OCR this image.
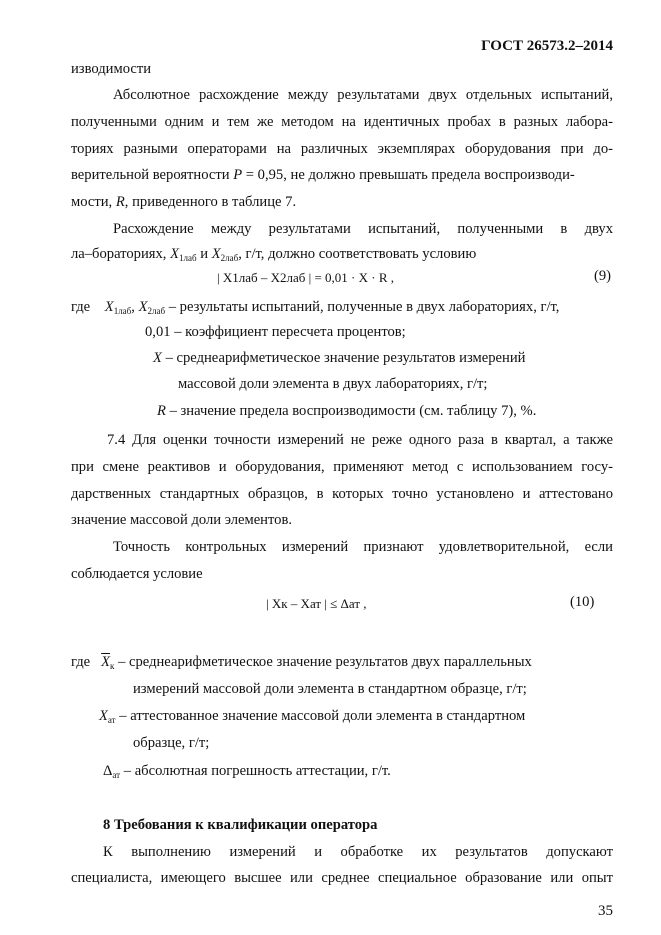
ГОСТ 26573.2–2014
изводимости
Абсолютное расхождение между результатами двух отдельных испытаний,
полученными одним и тем же методом на идентичных пробах в разных лабора-
ториях разными операторами на различных экземплярах оборудования при до-
верительной вероятности P = 0,95, не должно превышать предела воспроизводи-
мости, R, приведенного в таблице 7.
Расхождение между результатами испытаний, полученными в двух
ла–бораториях, $X_{1лаб}$ и $X_{2лаб}$, г/т, должно соответствовать условию
| X1лаб – X2лаб | = 0,01 · X · R ,	(9)
где $X_{1лаб}$, $X_{2лаб}$ – результаты испытаний, полученные в двух лабораториях, г/т,
0,01 – коэффициент пересчета процентов;
X – среднеарифметическое значение результатов измерений
массовой доли элемента в двух лабораториях, г/т;
R – значение предела воспроизводимости (см. таблицу 7), %.
7.4 Для оценки точности измерений не реже одного раза в квартал, а также
при смене реактивов и оборудования, применяют метод с использованием госу-
дарственных стандартных образцов, в которых точно установлено и аттестовано
значение массовой доли элементов.
Точность контрольных измерений признают удовлетворительной, если
соблюдается условие
| Xк – Xат | ≤ Δат ,	(10)
где $\overline{X}_к$ – среднеарифметическое значение результатов двух параллельных
измерений массовой доли элемента в стандартном образце, г/т;
$X_{ат}$ – аттестованное значение массовой доли элемента в стандартном
образце, г/т;
$\Delta_{ат}$ – абсолютная погрешность аттестации, г/т.
8 Требования к квалификации оператора
К выполнению измерений и обработке их результатов допускают
специалиста, имеющего высшее или среднее специальное образование или опыт
35
